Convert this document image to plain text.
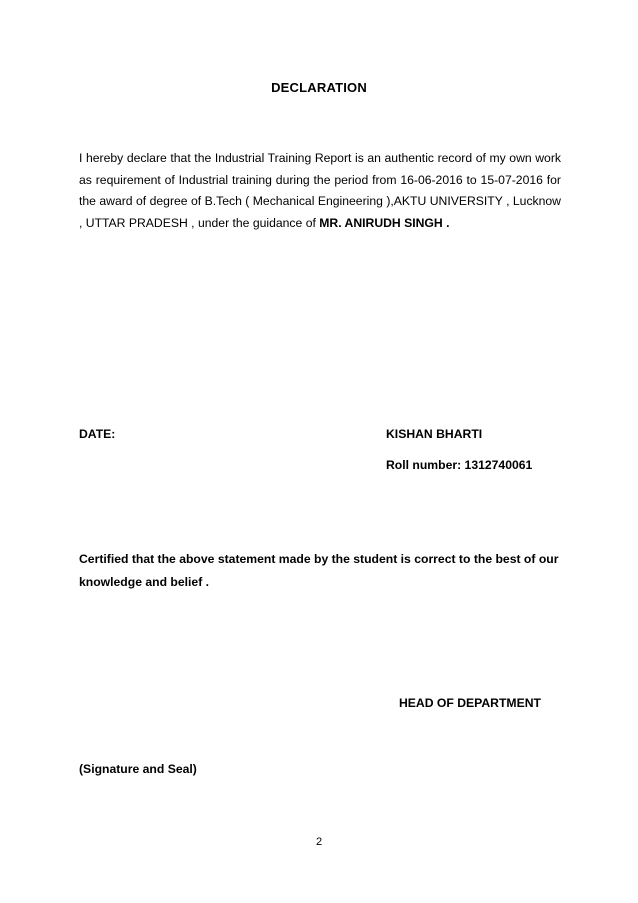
DECLARATION
I hereby declare that the Industrial Training Report is an authentic record of my own work as requirement of Industrial training during the period from 16-06-2016 to 15-07-2016 for the award of degree of B.Tech ( Mechanical Engineering ),AKTU UNIVERSITY , Lucknow , UTTAR PRADESH , under the guidance of MR. ANIRUDH SINGH .
DATE:	KISHAN BHARTI
Roll number: 1312740061
Certified that the above statement made by the student is correct to the best of our knowledge and belief .
HEAD OF DEPARTMENT
(Signature and Seal)
2
